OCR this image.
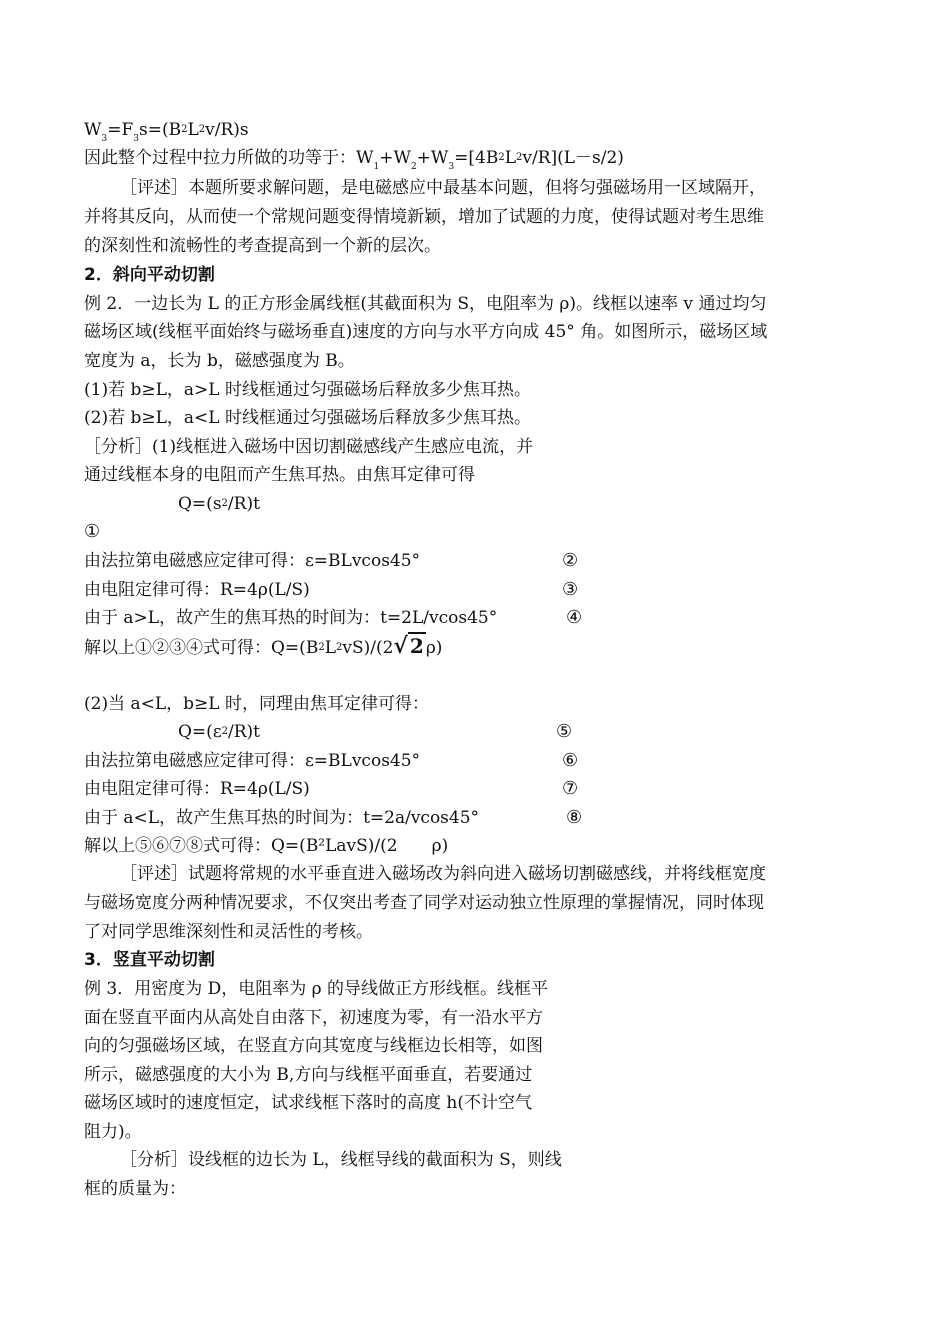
$W_3=F_3s=(B^2L^2v/R)s$
因此整个过程中拉力所做的功等于：$W_1+W_2+W_3=[4B^2L^2v/R](L-s/2)$
［评述］本题所要求解问题，是电磁感应中最基本问题，但将匀强磁场用一区域隔开，
并将其反向，从而使一个常规问题变得情境新颖，增加了试题的力度，使得试题对考生思维
的深刻性和流畅性的考查提高到一个新的层次。
2．斜向平动切割
例 2．一边长为 L 的正方形金属线框(其截面积为 S，电阻率为 ρ)。线框以速率 v 通过均匀
磁场区域(线框平面始终与磁场垂直)速度的方向与水平方向成 45° 角。如图所示，磁场区域
宽度为 a，长为 b，磁感强度为 B。
(1)若 b≥L，a>L 时线框通过匀强磁场后释放多少焦耳热。
(2)若 b≥L，a<L 时线框通过匀强磁场后释放多少焦耳热。
［分析］(1)线框进入磁场中因切割磁感线产生感应电流，并
通过线框本身的电阻而产生焦耳热。由焦耳定律可得
$Q=(s^2/R)t$
①
由法拉第电磁感应定律可得：ε=BLvcos45°	②
由电阻定律可得：R=4ρ(L/S)	③
由于 a>L，故产生的焦耳热的时间为：t=2L/vcos45°	④
解以上①②③④式可得：$Q=(B^2L^2vS)/(2√$ 2 ρ)
(2)当 a<L，b≥L 时，同理由焦耳定律可得：
$Q=(\varepsilon^2/R)t$	⑤
由法拉第电磁感应定律可得：ε=BLvcos45°	⑥
由电阻定律可得：R=4ρ(L/S)	⑦
由于 a<L，故产生焦耳热的时间为：t=2a/vcos45°	⑧
解以上⑤⑥⑦⑧式可得：Q=(B²LavS)/(2　　ρ)
［评述］试题将常规的水平垂直进入磁场改为斜向进入磁场切割磁感线，并将线框宽度
与磁场宽度分两种情况要求，不仅突出考查了同学对运动独立性原理的掌握情况，同时体现
了对同学思维深刻性和灵活性的考核。
3．竖直平动切割
例 3．用密度为 D，电阻率为 ρ 的导线做正方形线框。线框平
面在竖直平面内从高处自由落下，初速度为零，有一沿水平方
向的匀强磁场区域，在竖直方向其宽度与线框边长相等，如图
所示，磁感强度的大小为 B,方向与线框平面垂直，若要通过
磁场区域时的速度恒定，试求线框下落时的高度 h(不计空气
阻力)。
［分析］设线框的边长为 L，线框导线的截面积为 S，则线
框的质量为：
